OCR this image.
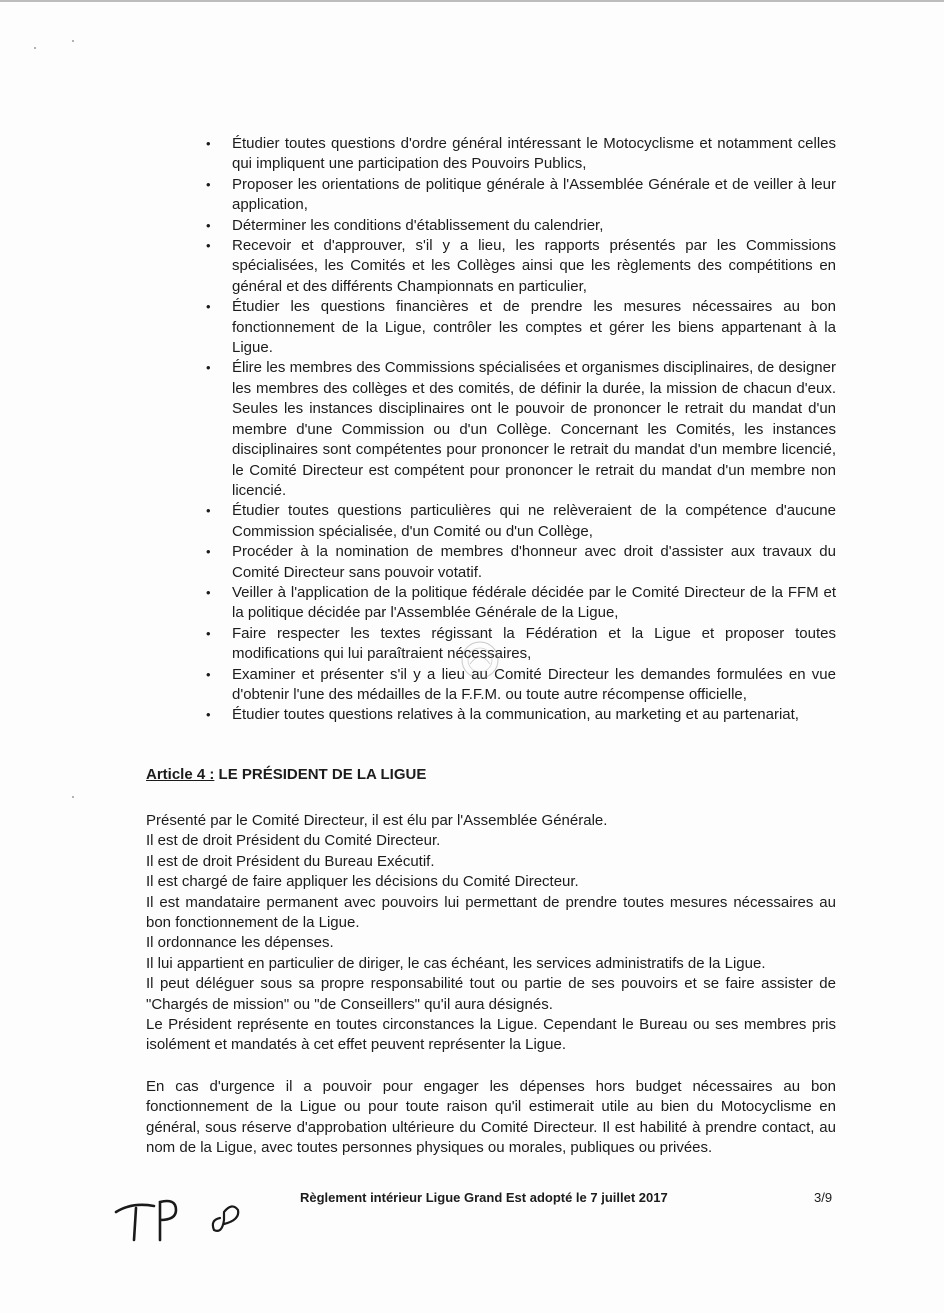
• Étudier toutes questions d'ordre général intéressant le Motocyclisme et notamment celles qui impliquent une participation des Pouvoirs Publics,
• Proposer les orientations de politique générale à l'Assemblée Générale et de veiller à leur application,
• Déterminer les conditions d'établissement du calendrier,
• Recevoir et d'approuver, s'il y a lieu, les rapports présentés par les Commissions spécialisées, les Comités et les Collèges ainsi que les règlements des compétitions en général et des différents Championnats en particulier,
• Étudier les questions financières et de prendre les mesures nécessaires au bon fonctionnement de la Ligue, contrôler les comptes et gérer les biens appartenant à la Ligue.
• Élire les membres des Commissions spécialisées et organismes disciplinaires, de designer les membres des collèges et des comités, de définir la durée, la mission de chacun d'eux. Seules les instances disciplinaires ont le pouvoir de prononcer le retrait du mandat d'un membre d'une Commission ou d'un Collège. Concernant les Comités, les instances disciplinaires sont compétentes pour prononcer le retrait du mandat d'un membre licencié, le Comité Directeur est compétent pour prononcer le retrait du mandat d'un membre non licencié.
• Étudier toutes questions particulières qui ne relèveraient de la compétence d'aucune Commission spécialisée, d'un Comité ou d'un Collège,
• Procéder à la nomination de membres d'honneur avec droit d'assister aux travaux du Comité Directeur sans pouvoir votatif.
• Veiller à l'application de la politique fédérale décidée par le Comité Directeur de la FFM et la politique décidée par l'Assemblée Générale de la Ligue,
• Faire respecter les textes régissant la Fédération et la Ligue et proposer toutes modifications qui lui paraîtraient nécessaires,
• Examiner et présenter s'il y a lieu au Comité Directeur les demandes formulées en vue d'obtenir l'une des médailles de la F.F.M. ou toute autre récompense officielle,
• Étudier toutes questions relatives à la communication, au marketing et au partenariat,
Article 4 : LE PRÉSIDENT DE LA LIGUE

Présenté par le Comité Directeur, il est élu par l'Assemblée Générale.

Il est de droit Président du Comité Directeur.

Il est de droit Président du Bureau Exécutif.

Il est chargé de faire appliquer les décisions du Comité Directeur.

Il est mandataire permanent avec pouvoirs lui permettant de prendre toutes mesures nécessaires au bon fonctionnement de la Ligue.

Il ordonnance les dépenses.

Il lui appartient en particulier de diriger, le cas échéant, les services administratifs de la Ligue.

Il peut déléguer sous sa propre responsabilité tout ou partie de ses pouvoirs et se faire assister de "Chargés de mission" ou "de Conseillers" qu'il aura désignés.

Le Président représente en toutes circonstances la Ligue. Cependant le Bureau ou ses membres pris isolément et mandatés à cet effet peuvent représenter la Ligue.

En cas d'urgence il a pouvoir pour engager les dépenses hors budget nécessaires au bon fonctionnement de la Ligue ou pour toute raison qu'il estimerait utile au bien du Motocyclisme en général, sous réserve d'approbation ultérieure du Comité Directeur. Il est habilité à prendre contact, au nom de la Ligue, avec toutes personnes physiques ou morales, publiques ou privées.

Règlement intérieur Ligue Grand Est adopté le 7 juillet 2017	3/9
